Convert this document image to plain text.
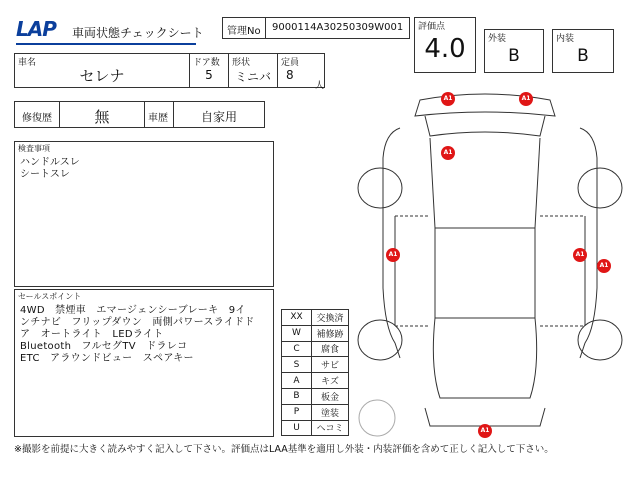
LAP	車両状態チェックシート 管理No 9000114A30250309W001 評価点
4.0	外装
B
内装
B
車名
セレナ
ドア数
5
形状
ミニバ
定員
8
人
修復歴	無	車歴	自家用
検査事項
ハンドルスレ
シートスレ
セールスポイント
4WD　禁煙車　エマージェンシーブレーキ　9イ
ンチナビ　フリップダウン　両側パワースライドド
ア　オートライト　LEDライト
Bluetooth　フルセグTV　ドラレコ
ETC　アラウンドビュー　スペアキー
XX	交換済
W	補修跡
C	腐食
S	サビ
A	キズ
B	板金
P	塗装
U	ヘコミ
A1	A1
A1
A1	A1
A1
A1
※撮影を前提に大きく読みやすく記入して下さい。評価点はLAA基準を適用し外装・内装評価を含めて正しく記入して下さい。
